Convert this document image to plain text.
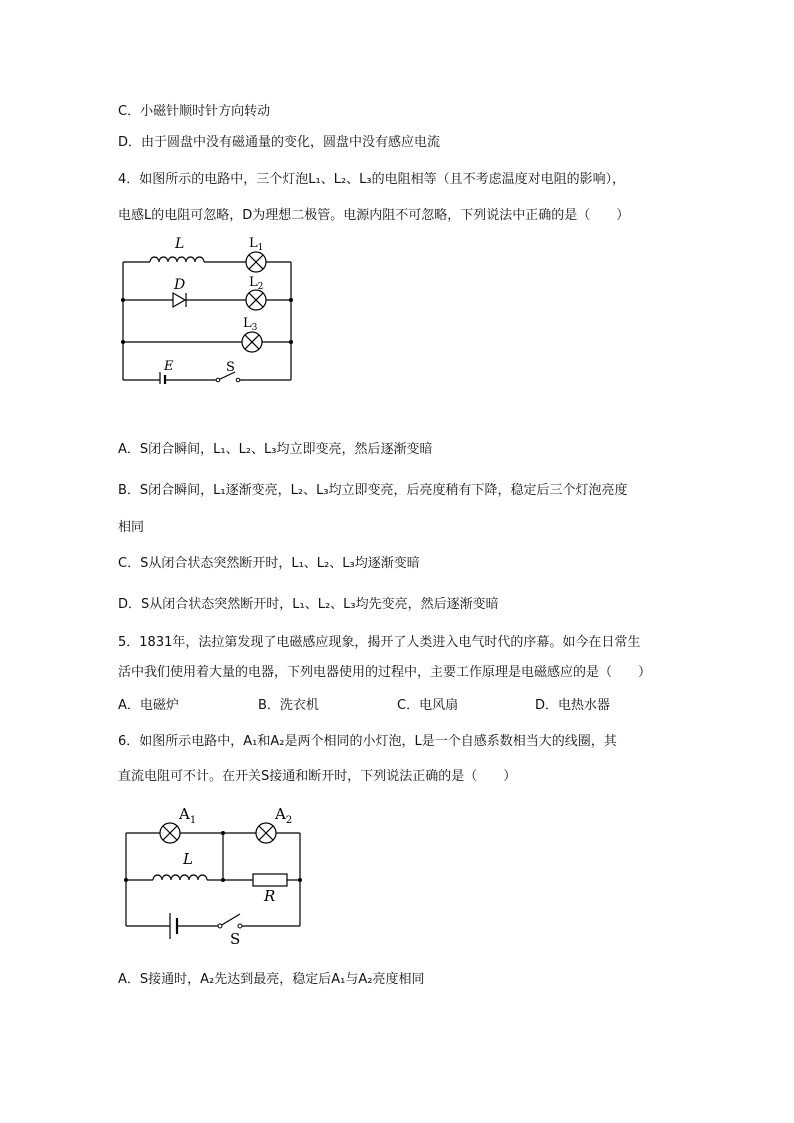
C．小磁针顺时针方向转动
D．由于圆盘中没有磁通量的变化，圆盘中没有感应电流
4．如图所示的电路中，三个灯泡L₁、L₂、L₃的电阻相等（且不考虑温度对电阻的影响），
电感L的电阻可忽略，D为理想二极管。电源内阻不可忽略，下列说法中正确的是（　　）
L	$L_1$
D	$L_2$
$L_3$
E	S
A．S闭合瞬间，L₁、L₂、L₃均立即变亮，然后逐渐变暗
B．S闭合瞬间，L₁逐渐变亮，L₂、L₃均立即变亮，后亮度稍有下降，稳定后三个灯泡亮度
相同
C．S从闭合状态突然断开时，L₁、L₂、L₃均逐渐变暗
D．S从闭合状态突然断开时，L₁、L₂、L₃均先变亮，然后逐渐变暗
5．1831年，法拉第发现了电磁感应现象，揭开了人类进入电气时代的序幕。如今在日常生
活中我们使用着大量的电器，下列电器使用的过程中，主要工作原理是电磁感应的是（　　）
A．电磁炉	B．洗衣机	C．电风扇	D．电热水器
6．如图所示电路中，A₁和A₂是两个相同的小灯泡，L是一个自感系数相当大的线圈，其
直流电阻可不计。在开关S接通和断开时，下列说法正确的是（　　）
$A_1$	$A_2$
L
R
S
A．S接通时，A₂先达到最亮，稳定后A₁与A₂亮度相同
